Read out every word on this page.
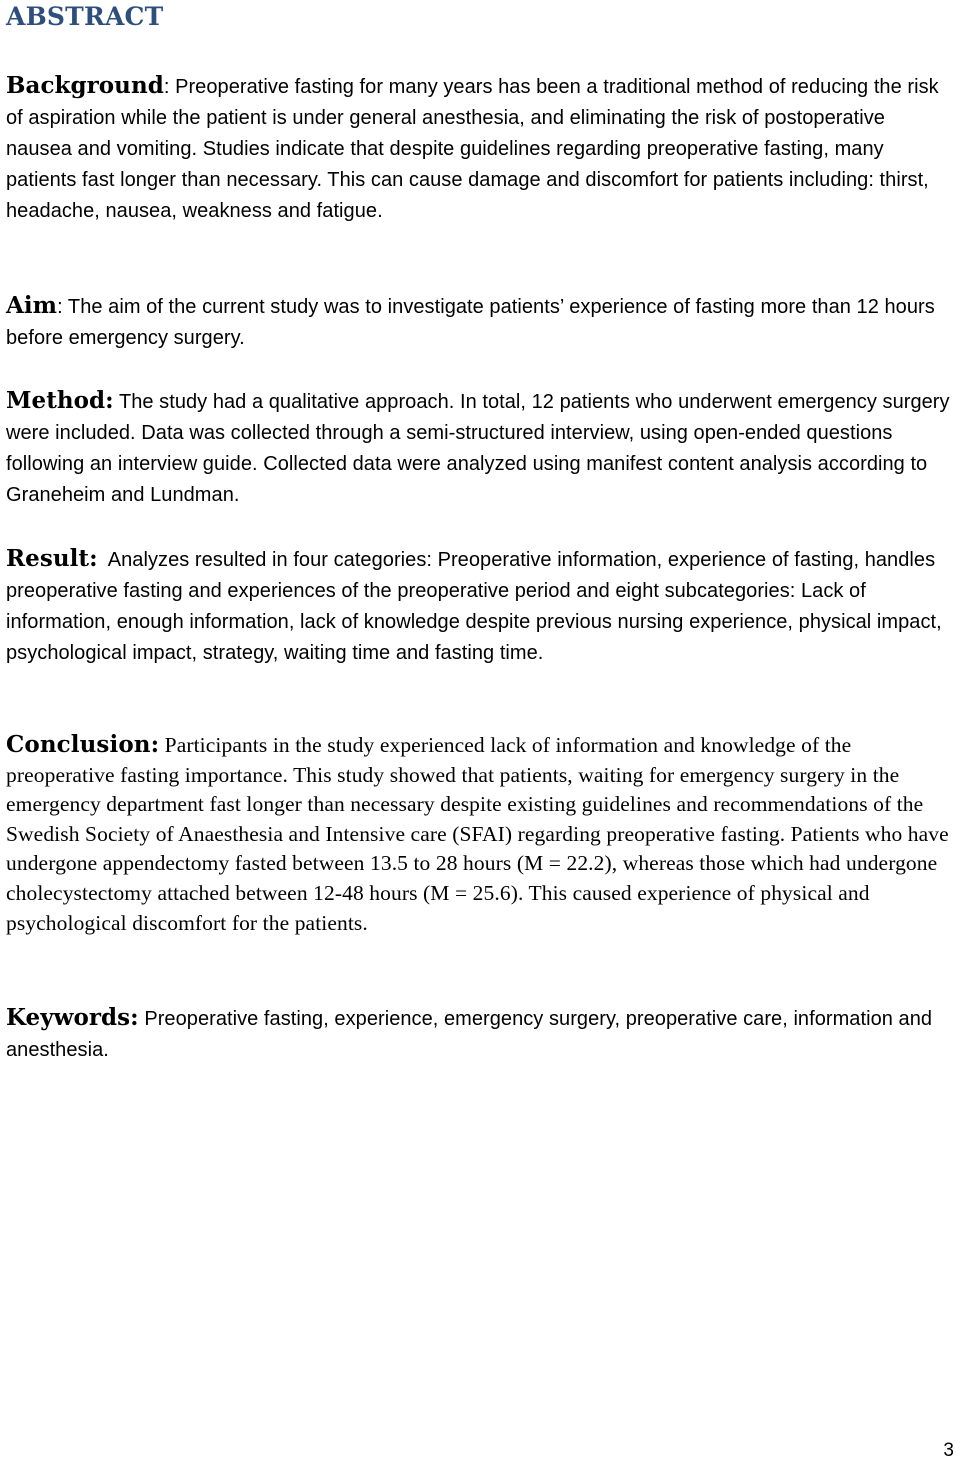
ABSTRACT

Background: Preoperative fasting for many years has been a traditional method of reducing the risk of aspiration while the patient is under general anesthesia, and eliminating the risk of postoperative nausea and vomiting. Studies indicate that despite guidelines regarding preoperative fasting, many patients fast longer than necessary. This can cause damage and discomfort for patients including: thirst, headache, nausea, weakness and fatigue.

Aim: The aim of the current study was to investigate patients’ experience of fasting more than 12 hours before emergency surgery.

Method: The study had a qualitative approach. In total, 12 patients who underwent emergency surgery were included. Data was collected through a semi-structured interview, using open-ended questions following an interview guide. Collected data were analyzed using manifest content analysis according to Graneheim and Lundman.

Result:  Analyzes resulted in four categories: Preoperative information, experience of fasting, handles preoperative fasting and experiences of the preoperative period and eight subcategories: Lack of information, enough information, lack of knowledge despite previous nursing experience, physical impact, psychological impact, strategy, waiting time and fasting time.

Conclusion: Participants in the study experienced lack of information and knowledge of the preoperative fasting importance. This study showed that patients, waiting for emergency surgery in the emergency department fast longer than necessary despite existing guidelines and recommendations of the Swedish Society of Anaesthesia and Intensive care (SFAI) regarding preoperative fasting. Patients who have undergone appendectomy fasted between 13.5 to 28 hours (M = 22.2), whereas those which had undergone cholecystectomy attached between 12-48 hours (M = 25.6). This caused experience of physical and psychological discomfort for the patients.

Keywords: Preoperative fasting, experience, emergency surgery, preoperative care, information and anesthesia.

3
